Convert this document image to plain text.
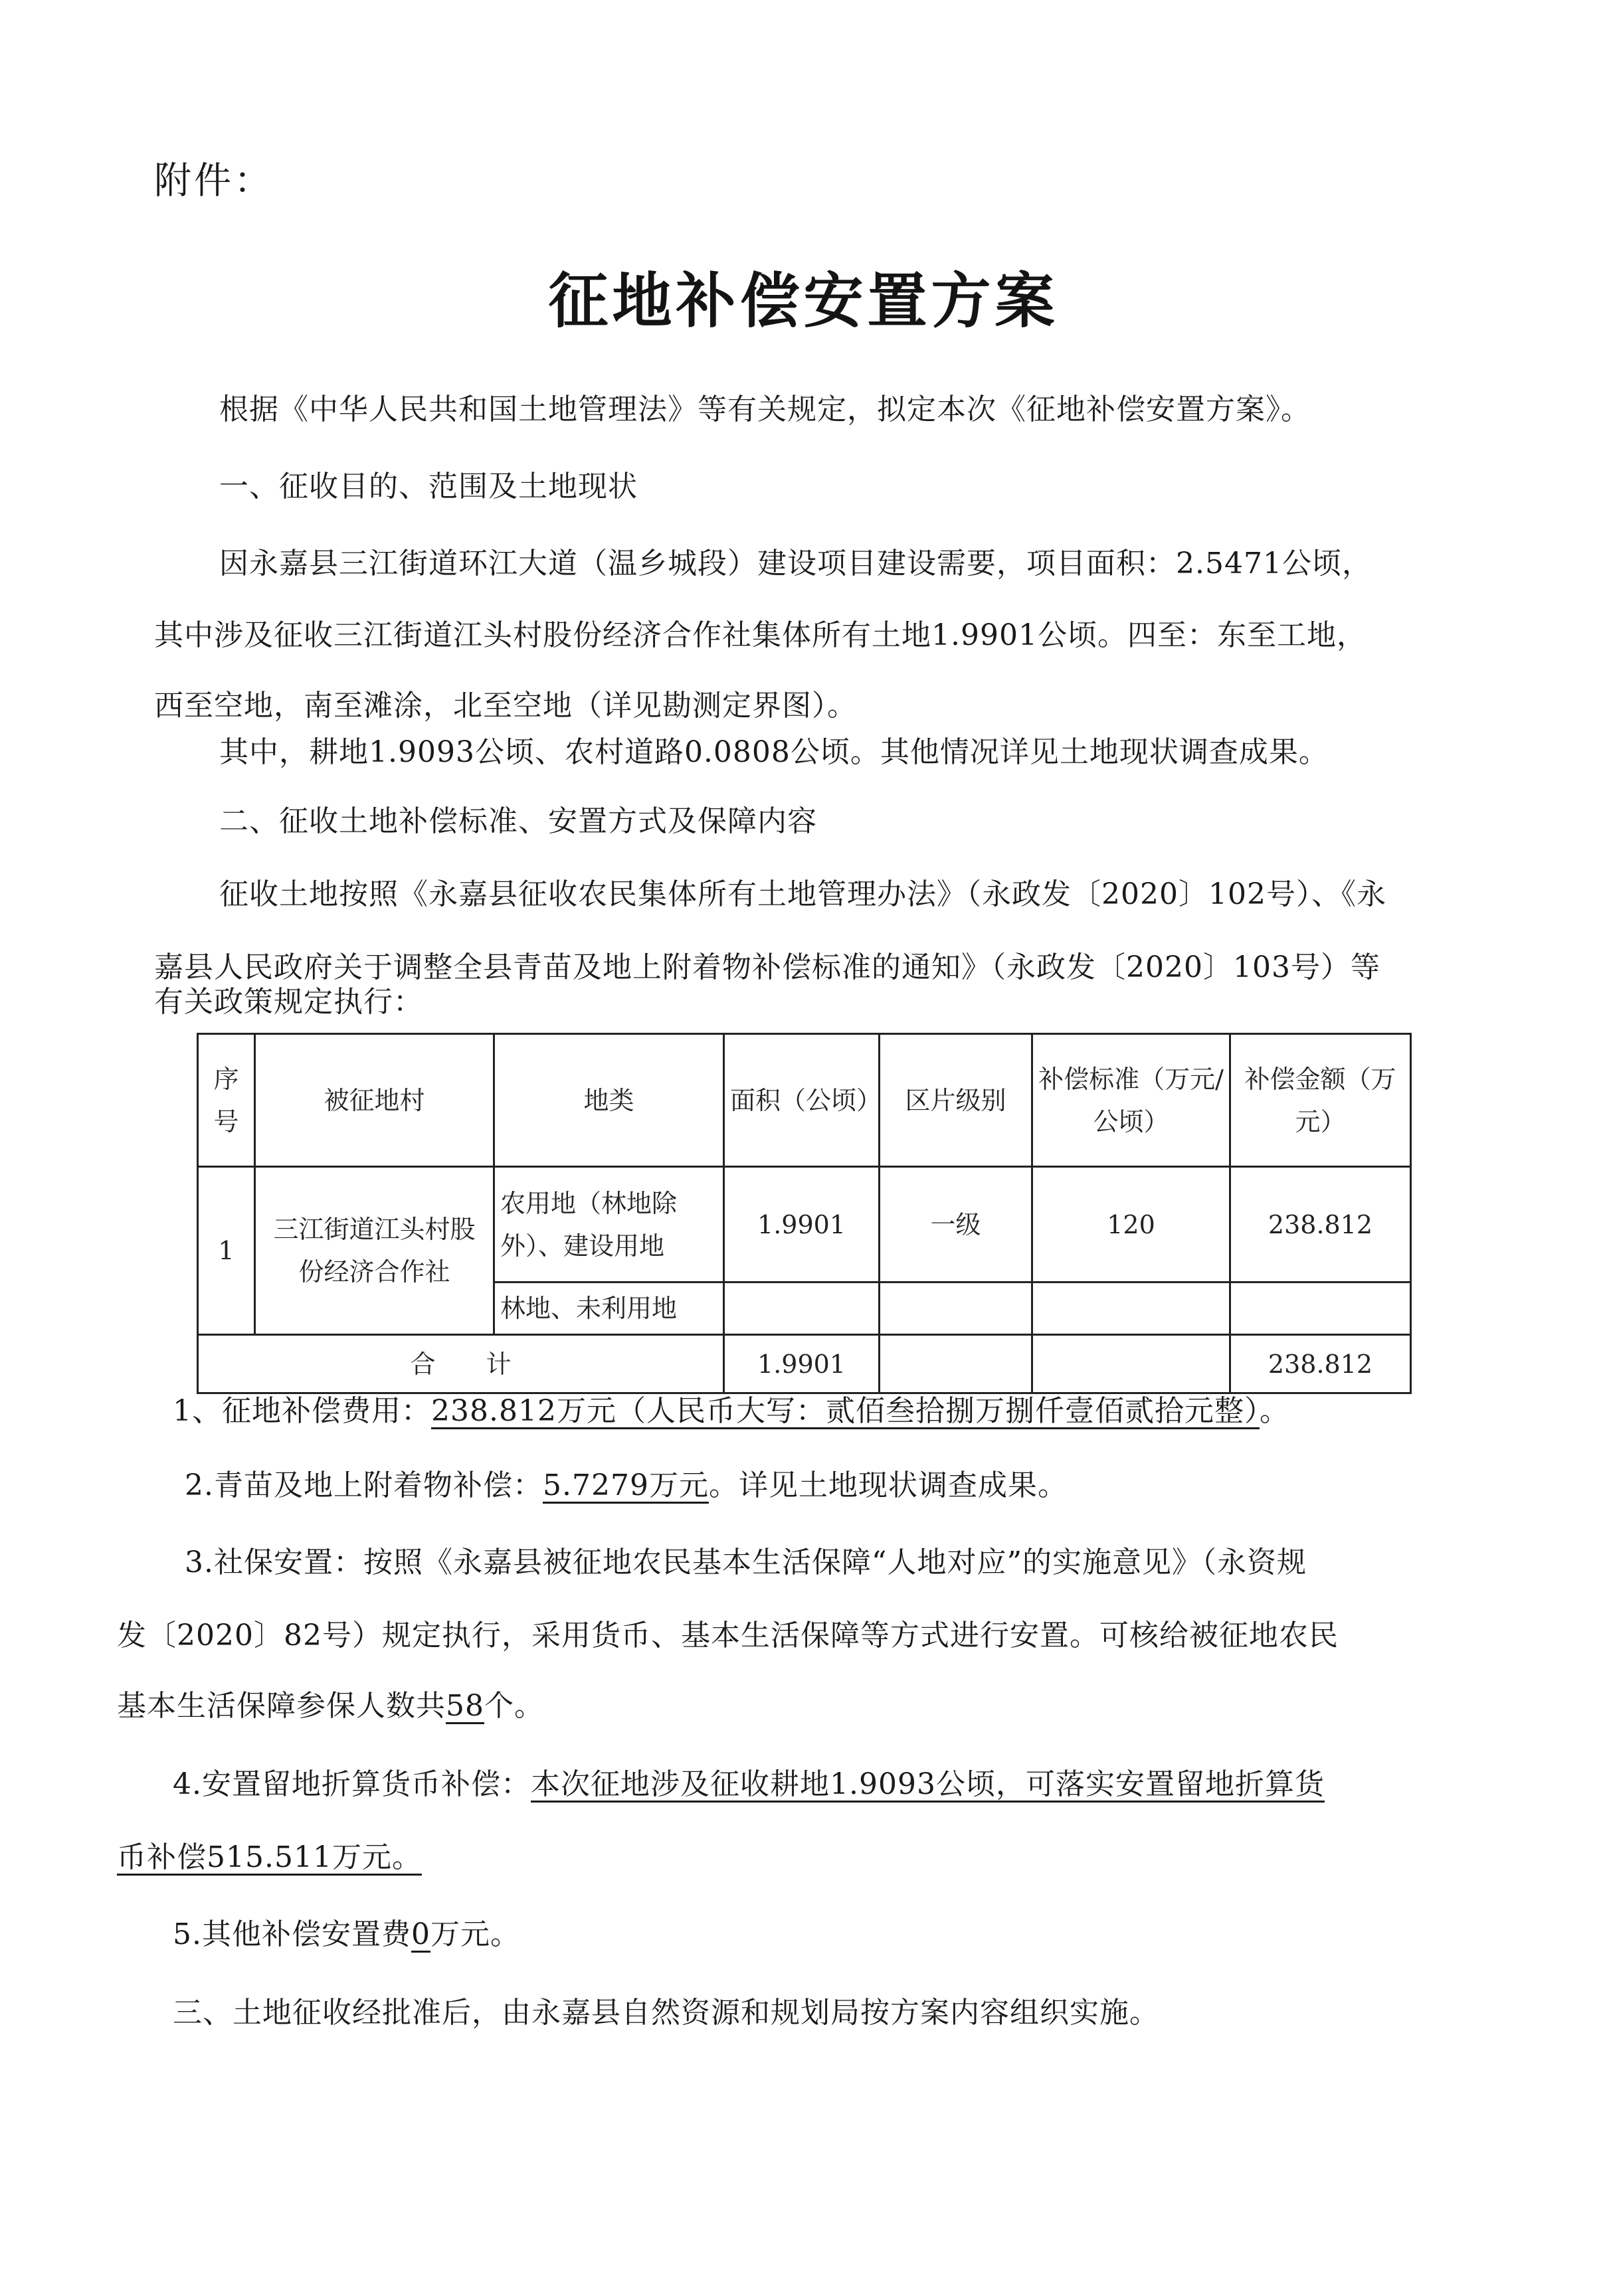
附件：
征地补偿安置方案
根据《中华人民共和国土地管理法》等有关规定，拟定本次《征地补偿安置方案》。
一、征收目的、范围及土地现状
因永嘉县三江街道环江大道（温乡城段）建设项目建设需要，项目面积：2.5471公顷，
其中涉及征收三江街道江头村股份经济合作社集体所有土地1.9901公顷。四至：东至工地，
西至空地，南至滩涂，北至空地（详见勘测定界图）。
其中，耕地1.9093公顷、农村道路0.0808公顷。其他情况详见土地现状调查成果。
二、征收土地补偿标准、安置方式及保障内容
征收土地按照《永嘉县征收农民集体所有土地管理办法》（永政发〔2020〕102号）、《永
嘉县人民政府关于调整全县青苗及地上附着物补偿标准的通知》（永政发〔2020〕103号）等
有关政策规定执行：
序号	被征地村	地类	面积（公顷）	区片级别	补偿标准（万元/公顷）	补偿金额（万元）
1	三江街道江头村股份经济合作社	农用地（林地除外）、建设用地	1.9901	一级	120	238.812
		林地、未利用地				
合　　计			1.9901			238.812
1、征地补偿费用：238.812万元（人民币大写：贰佰叁拾捌万捌仟壹佰贰拾元整）。
2.青苗及地上附着物补偿：5.7279万元。详见土地现状调查成果。
3.社保安置：按照《永嘉县被征地农民基本生活保障“人地对应”的实施意见》（永资规
发〔2020〕82号）规定执行，采用货币、基本生活保障等方式进行安置。可核给被征地农民
基本生活保障参保人数共58个。
4.安置留地折算货币补偿：本次征地涉及征收耕地1.9093公顷，可落实安置留地折算货
币补偿515.511万元。
5.其他补偿安置费0万元。
三、土地征收经批准后，由永嘉县自然资源和规划局按方案内容组织实施。
